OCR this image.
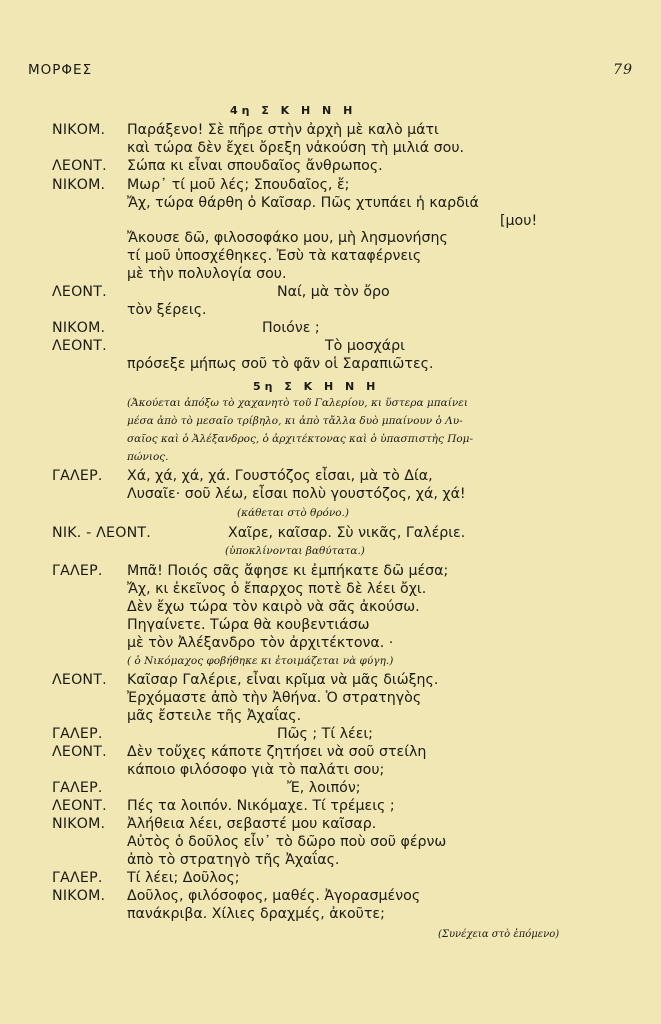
ΜΟΡΦΕΣ	79
4η Σ Κ Η Ν Η
ΝΙΚΟΜ. Παράξενο! Σὲ πῆρε στὴν ἀρχὴ μὲ καλὸ μάτι
καὶ τώρα δὲν ἔχει ὄρεξη νἀκούση τὴ μιλιά σου.
ΛΕΟΝΤ. Σώπα κι εἶναι σπουδαῖος ἄνθρωπος.
ΝΙΚΟΜ. Μωρ᾽ τί μοῦ λές; Σπουδαῖος, ἔ;
Ἄχ, τώρα θάρθη ὁ Καῖσαρ. Πῶς χτυπάει ἡ καρδιά
[μου!
Ἄκουσε δῶ, φιλοσοφάκο μου, μὴ λησμονήσης
τί μοῦ ὑποσχέθηκες. Ἐσὺ τὰ καταφέρνεις
μὲ τὴν πολυλογία σου.
ΛΕΟΝΤ.	Ναί, μὰ τὸν ὄρο
τὸν ξέρεις.
ΝΙΚΟΜ.	Ποιόνε ;
ΛΕΟΝΤ.	Τὸ μοσχάρι
πρόσεξε μήπως σοῦ τὸ φᾶν οἱ Σαραπιῶτες.
5η Σ Κ Η Ν Η
(Ἀκούεται ἀπόξω τὸ χαχανητὸ τοῦ Γαλερίου, κι ὕστερα μπαίνει
μέσα ἀπὸ τὸ μεσαῖο τρίβηλο, κι ἀπὸ τἄλλα δυὸ μπαίνουν ὁ Λυ-
σαῖος καὶ ὁ Ἀλέξανδρος, ὁ ἀρχιτέκτονας καὶ ὁ ὑπασπιστὴς Πομ-
πώνιος.
ΓΑΛΕΡ. Χά, χά, χά, χά. Γουστόζος εἶσαι, μὰ τὸ Δία,
Λυσαῖε· σοῦ λέω, εἶσαι πολὺ γουστόζος, χά, χά!
(κάθεται στὸ θρόνο.)
ΝΙΚ. - ΛΕΟΝΤ.	Χαῖρε, καῖσαρ. Σὺ νικᾶς, Γαλέριε.
(ὑποκλίνονται βαθύτατα.)
ΓΑΛΕΡ. Μπᾶ! Ποιός σᾶς ἄφησε κι ἐμπήκατε δῶ μέσα;
Ἄχ, κι ἐκεῖνος ὁ ἔπαρχος ποτὲ δὲ λέει ὄχι.
Δὲν ἔχω τώρα τὸν καιρὸ νὰ σᾶς ἀκούσω.
Πηγαίνετε. Τώρα θὰ κουβεντιάσω
μὲ τὸν Ἀλέξανδρο τὸν ἀρχιτέκτονα. ·
( ὁ Νικόμαχος φοβήθηκε κι ἑτοιμάζεται νὰ φύγη.)
ΛΕΟΝΤ. Καῖσαρ Γαλέριε, εἶναι κρῖμα νὰ μᾶς διώξης.
Ἐρχόμαστε ἀπὸ τὴν Ἀθήνα. Ὁ στρατηγὸς
μᾶς ἔστειλε τῆς Ἀχαΐας.
ΓΑΛΕΡ.	Πῶς ; Τί λέει;
ΛΕΟΝΤ. Δὲν τοὔχες κάποτε ζητήσει νὰ σοῦ στείλη
κάποιο φιλόσοφο γιὰ τὸ παλάτι σου;
ΓΑΛΕΡ.	Ἔ, λοιπόν;
ΛΕΟΝΤ. Πές τα λοιπόν. Νικόμαχε. Τί τρέμεις ;
ΝΙΚΟΜ. Ἀλήθεια λέει, σεβαστέ μου καῖσαρ.
Αὐτὸς ὁ δοῦλος εἶν᾽ τὸ δῶρο ποὺ σοῦ φέρνω
ἀπὸ τὸ στρατηγὸ τῆς Ἀχαΐας.
ΓΑΛΕΡ. Τί λέει; Δοῦλος;
ΝΙΚΟΜ. Δοῦλος, φιλόσοφος, μαθές. Ἀγορασμένος
πανάκριβα. Χίλιες δραχμές, ἀκοῦτε;
(Συνέχεια στὸ ἑπόμενο)
